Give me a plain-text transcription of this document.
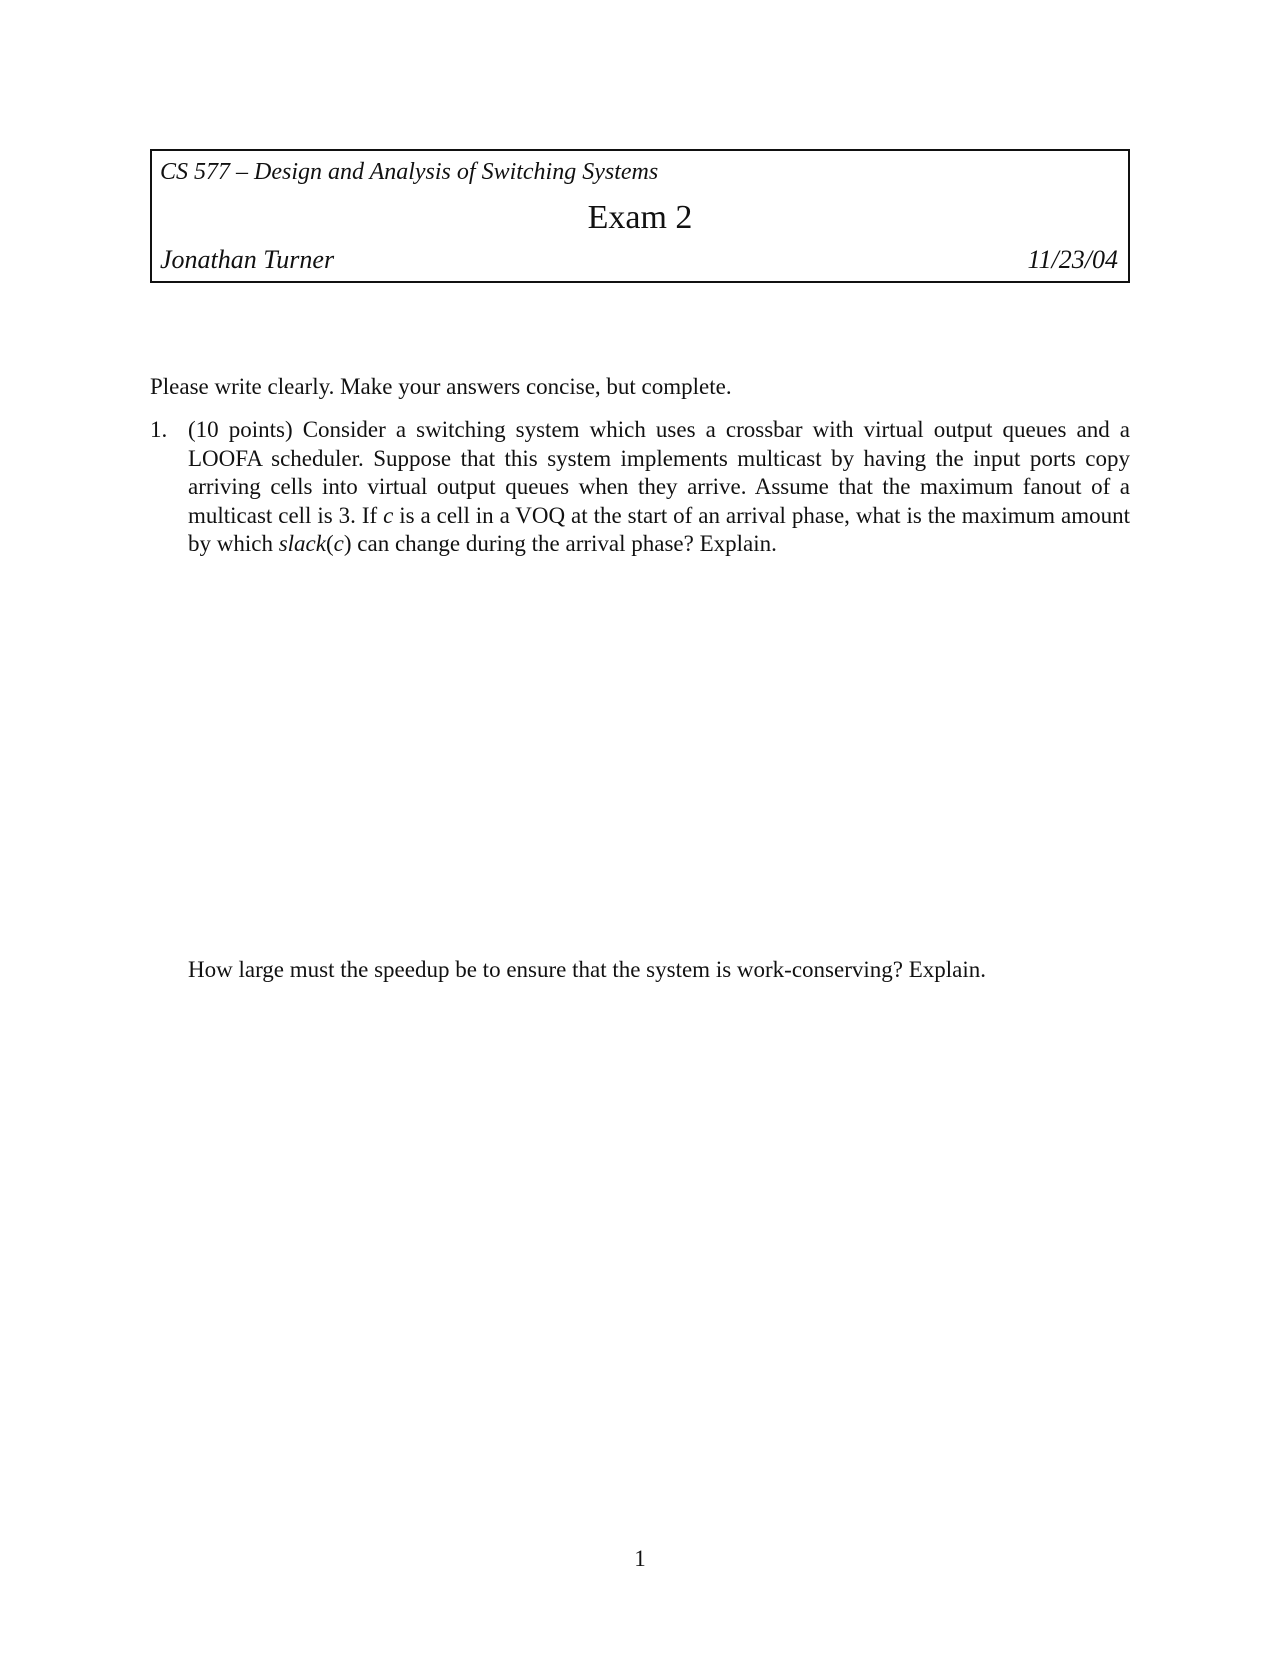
CS 577 – Design and Analysis of Switching Systems
Exam 2
Jonathan Turner	11/23/04
Please write clearly. Make your answers concise, but complete.
1. (10 points) Consider a switching system which uses a crossbar with virtual output queues and a LOOFA scheduler. Suppose that this system implements multicast by having the input ports copy arriving cells into virtual output queues when they arrive. Assume that the maximum fanout of a multicast cell is 3. If c is a cell in a VOQ at the start of an arrival phase, what is the maximum amount by which slack(c) can change during the arrival phase? Explain.
How large must the speedup be to ensure that the system is work-conserving? Explain.
1
